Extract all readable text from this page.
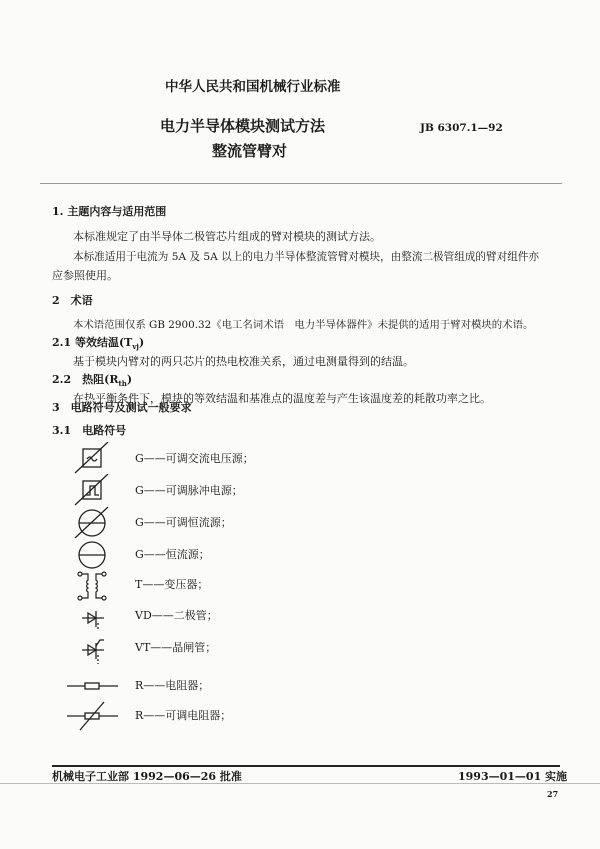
中华人民共和国机械行业标准
电力半导体模块测试方法
整流管臂对
JB 6307.1—92
1. 主题内容与适用范围
本标准规定了由半导体二极管芯片组成的臂对模块的测试方法。
本标准适用于电流为 5A 及 5A 以上的电力半导体整流管臂对模块，由整流二极管组成的臂对组件亦
应参照使用。
2　术语
本术语范围仅系 GB 2900.32《电工名词术语　电力半导体器件》未提供的适用于臂对模块的术语。
2.1 等效结温$(T_{vj})$
基于模块内臂对的两只芯片的热电校准关系，通过电测量得到的结温。
2.2　热阻$(R_{th})$
在热平衡条件下，模块的等效结温和基准点的温度差与产生该温度差的耗散功率之比。
3　电路符号及测试一般要求
3.1　电路符号
G——可调交流电压源；
G——可调脉冲电源；
G——可调恒流源；
G——恒流源；
T——变压器；
VD——二极管；
VT——晶闸管；
R——电阻器；
R——可调电阻器；
机械电子工业部 1992—06—26 批准	1993—01—01 实施
27
